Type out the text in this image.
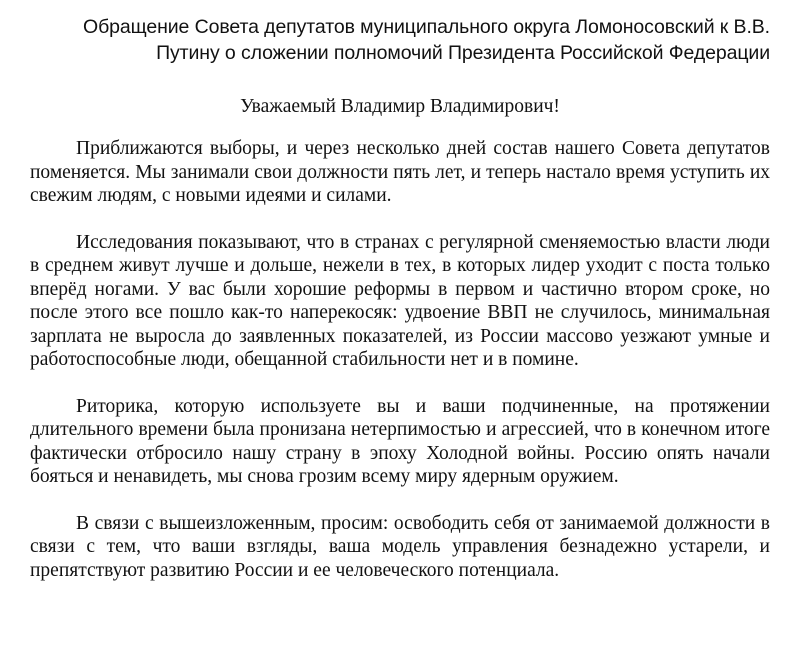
Обращение Совета депутатов муниципального округа Ломоносовский к В.В.
Путину о сложении полномочий Президента Российской Федерации

Уважаемый Владимир Владимирович!

Приближаются выборы, и через несколько дней состав нашего Совета депутатов поменяется. Мы занимали свои должности пять лет, и теперь настало время уступить их свежим людям, с новыми идеями и силами.

Исследования показывают, что в странах с регулярной сменяемостью власти люди в среднем живут лучше и дольше, нежели в тех, в которых лидер уходит с поста только вперёд ногами. У вас были хорошие реформы в первом и частично втором сроке, но после этого все пошло как-то наперекосяк: удвоение ВВП не случилось, минимальная зарплата не выросла до заявленных показателей, из России массово уезжают умные и работоспособные люди, обещанной стабильности нет и в помине.

Риторика, которую используете вы и ваши подчиненные, на протяжении длительного времени была пронизана нетерпимостью и агрессией, что в конечном итоге фактически отбросило нашу страну в эпоху Холодной войны. Россию опять начали бояться и ненавидеть, мы снова грозим всему миру ядерным оружием.

В связи с вышеизложенным, просим: освободить себя от занимаемой должности в связи с тем, что ваши взгляды, ваша модель управления безнадежно устарели, и препятствуют развитию России и ее человеческого потенциала.
